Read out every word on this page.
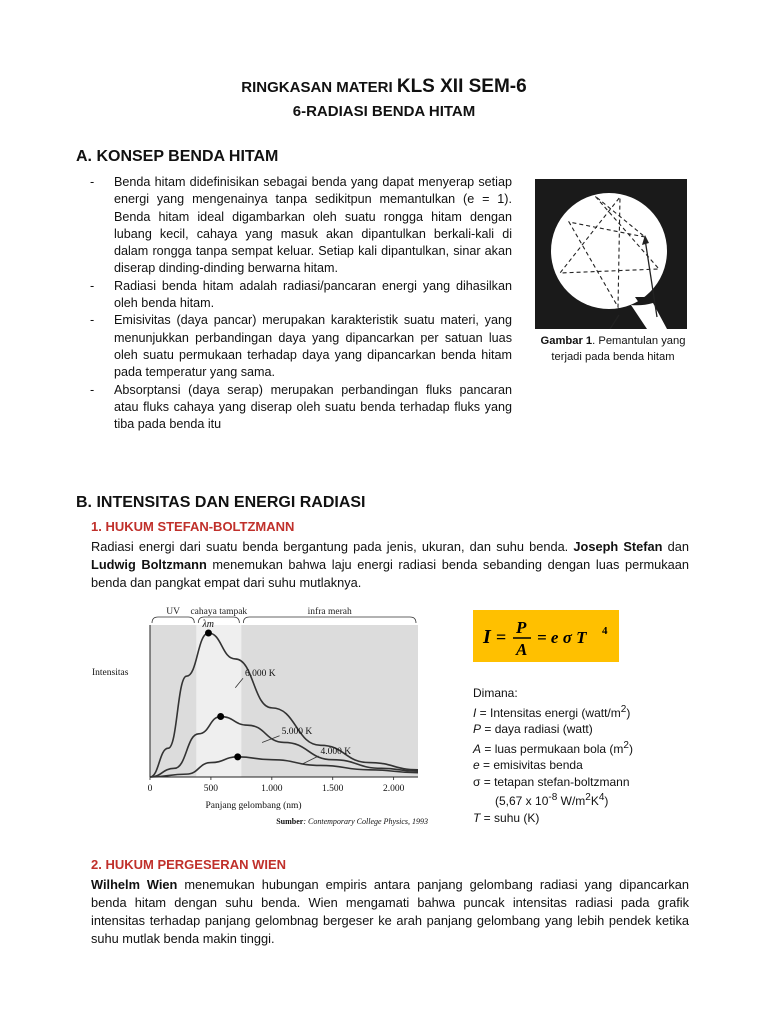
RINGKASAN MATERI KLS XII SEM-6
6-RADIASI BENDA HITAM
A. KONSEP BENDA HITAM
- Benda hitam didefinisikan sebagai benda yang dapat menyerap setiap energi yang mengenainya tanpa sedikitpun memantulkan (e = 1). Benda hitam ideal digambarkan oleh suatu rongga hitam dengan lubang kecil, cahaya yang masuk akan dipantulkan berkali-kali di dalam rongga tanpa sempat keluar. Setiap kali dipantulkan, sinar akan diserap dinding-dinding berwarna hitam.
- Radiasi benda hitam adalah radiasi/pancaran energi yang dihasilkan oleh benda hitam.
- Emisivitas (daya pancar) merupakan karakteristik suatu materi, yang menunjukkan perbandingan daya yang dipancarkan per satuan luas oleh suatu permukaan terhadap daya yang dipancarkan benda hitam pada temperatur yang sama.
- Absorptansi (daya serap) merupakan perbandingan fluks pancaran atau fluks cahaya yang diserap oleh suatu benda terhadap fluks yang tiba pada benda itu
Gambar 1. Pemantulan yang terjadi pada benda hitam
B. INTENSITAS DAN ENERGI RADIASI
1. HUKUM STEFAN-BOLTZMANN
Radiasi energi dari suatu benda bergantung pada jenis, ukuran, dan suhu benda. Joseph Stefan dan Ludwig Boltzmann menemukan bahwa laju energi radiasi benda sebanding dengan luas permukaan benda dan pangkat empat dari suhu mutlaknya.
UV cahaya tampak	infra merah
λm
6.000 K
5.000 K
4.000 K
Intensitas
0	500	1.000	1.500	2.000
Panjang gelombang (nm)
Sumber: Contemporary College Physics, 1993
I = P
A
= e σ T 4
Dimana:
I = Intensitas energi $(watt/m^2)$
P = daya radiasi (watt)
A = luas permukaan bola $(m^2)$
e = emisivitas benda
σ = tetapan stefan-boltzmann
(5,67 x $10^{-8}$ $W/m^2K^4$)
T = suhu (K)
2. HUKUM PERGESERAN WIEN
Wilhelm Wien menemukan hubungan empiris antara panjang gelombang radiasi yang dipancarkan benda hitam dengan suhu benda. Wien mengamati bahwa puncak intensitas radiasi pada grafik intensitas terhadap panjang gelombnag bergeser ke arah panjang gelombang yang lebih pendek ketika suhu mutlak benda makin tinggi.
